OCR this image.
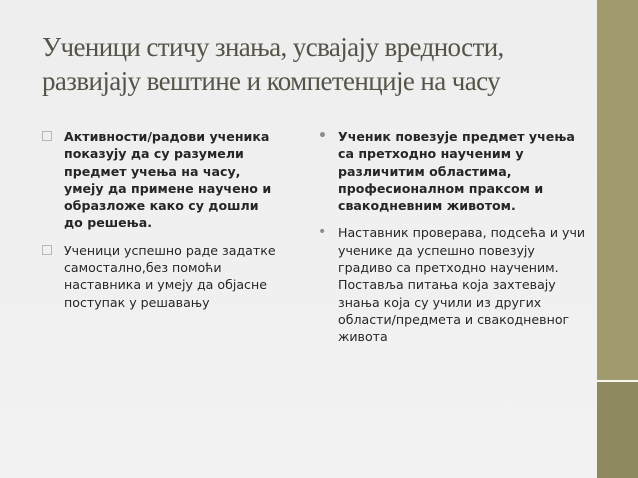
Ученици стичу знања, усвајају вредности, развијају вештине и компетенције на часу
Активности/радови ученика показују да су разумели предмет учења на часу, умеју да примене научено и образложе како су дошли до решења.
Ученици успешно раде задатке самостално,без помоћи наставника и умеју да објасне поступак у решавању
• Ученик повезује предмет учења са претходно наученим у различитим областима, професионалном праксом и свакодневним животом.
• Наставник проверава, подсећа и учи ученике да успешно повезују градиво са претходно наученим. Поставља питања која захтевају знања која су учили из других области/предмета и свакодневног живота
